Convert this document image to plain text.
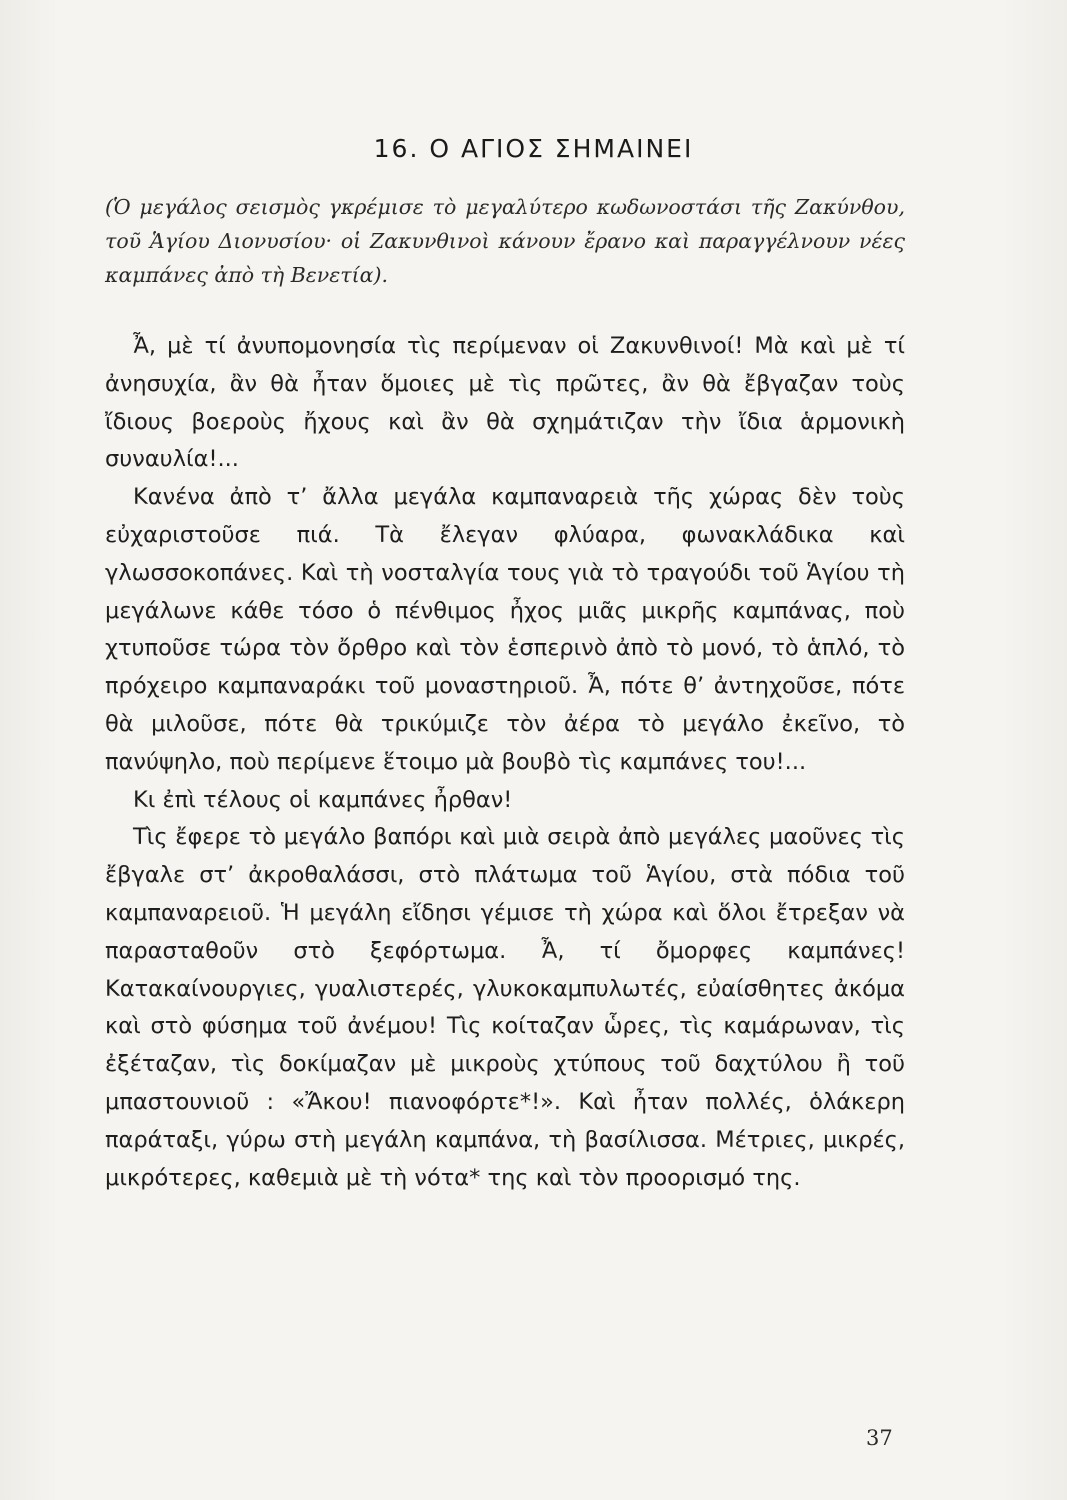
16. Ο ΑΓΙΟΣ ΣΗΜΑΙΝΕΙ
(Ὁ μεγάλος σεισμὸς γκρέμισε τὸ μεγαλύτερο κωδωνοστάσι τῆς Ζακύνθου, τοῦ Ἁγίου Διονυσίου· οἱ Ζακυνθινοὶ κάνουν ἔρανο καὶ παραγγέλνουν νέες καμπάνες ἀπὸ τὴ Βενετία).

Ἆ, μὲ τί ἀνυπομονησία τὶς περίμεναν οἱ Ζακυνθινοί! Μὰ καὶ μὲ τί ἀνησυχία, ἂν θὰ ἦταν ὅμοιες μὲ τὶς πρῶτες, ἂν θὰ ἔβγαζαν τοὺς ἴδιους βοεροὺς ἤχους καὶ ἂν θὰ σχημάτιζαν τὴν ἴδια ἁρμονικὴ συναυλία!...

Κανένα ἀπὸ τ’ ἄλλα μεγάλα καμπαναρειὰ τῆς χώρας δὲν τοὺς εὐχαριστοῦσε πιά. Τὰ ἔλεγαν φλύαρα, φωνακλάδικα καὶ γλωσσοκοπάνες. Καὶ τὴ νοσταλγία τους γιὰ τὸ τραγούδι τοῦ Ἁγίου τὴ μεγάλωνε κάθε τόσο ὁ πένθιμος ἦχος μιᾶς μικρῆς καμπάνας, ποὺ χτυποῦσε τώρα τὸν ὄρθρο καὶ τὸν ἑσπερινὸ ἀπὸ τὸ μονό, τὸ ἁπλό, τὸ πρόχειρο καμπαναράκι τοῦ μοναστηριοῦ. Ἆ, πότε θ’ ἀντηχοῦσε, πότε θὰ μιλοῦσε, πότε θὰ τρικύμιζε τὸν ἀέρα τὸ μεγάλο ἐκεῖνο, τὸ πανύψηλο, ποὺ περίμενε ἕτοιμο μὰ βουβὸ τὶς καμπάνες του!...

Κι ἐπὶ τέλους οἱ καμπάνες ἦρθαν!

Τὶς ἔφερε τὸ μεγάλο βαπόρι καὶ μιὰ σειρὰ ἀπὸ μεγάλες μαοῦνες τὶς ἔβγαλε στ’ ἀκροθαλάσσι, στὸ πλάτωμα τοῦ Ἁγίου, στὰ πόδια τοῦ καμπαναρειοῦ. Ἡ μεγάλη εἴδησι γέμισε τὴ χώρα καὶ ὅλοι ἔτρεξαν νὰ παρασταθοῦν στὸ ξεφόρτωμα. Ἆ, τί ὄμορφες καμπάνες! Κατακαίνουργιες, γυαλιστερές, γλυκοκαμπυλωτές, εὐαίσθητες ἀκόμα καὶ στὸ φύσημα τοῦ ἀνέμου! Τὶς κοίταζαν ὧρες, τὶς καμάρωναν, τὶς ἐξέταζαν, τὶς δοκίμαζαν μὲ μικροὺς χτύπους τοῦ δαχτύλου ἢ τοῦ μπαστουνιοῦ : «Ἄκου! πιανοφόρτε*!». Καὶ ἦταν πολλές, ὁλάκερη παράταξι, γύρω στὴ μεγάλη καμπάνα, τὴ βασίλισσα. Μέτριες, μικρές, μικρότερες, καθεμιὰ μὲ τὴ νότα* της καὶ τὸν προορισμό της.

37
